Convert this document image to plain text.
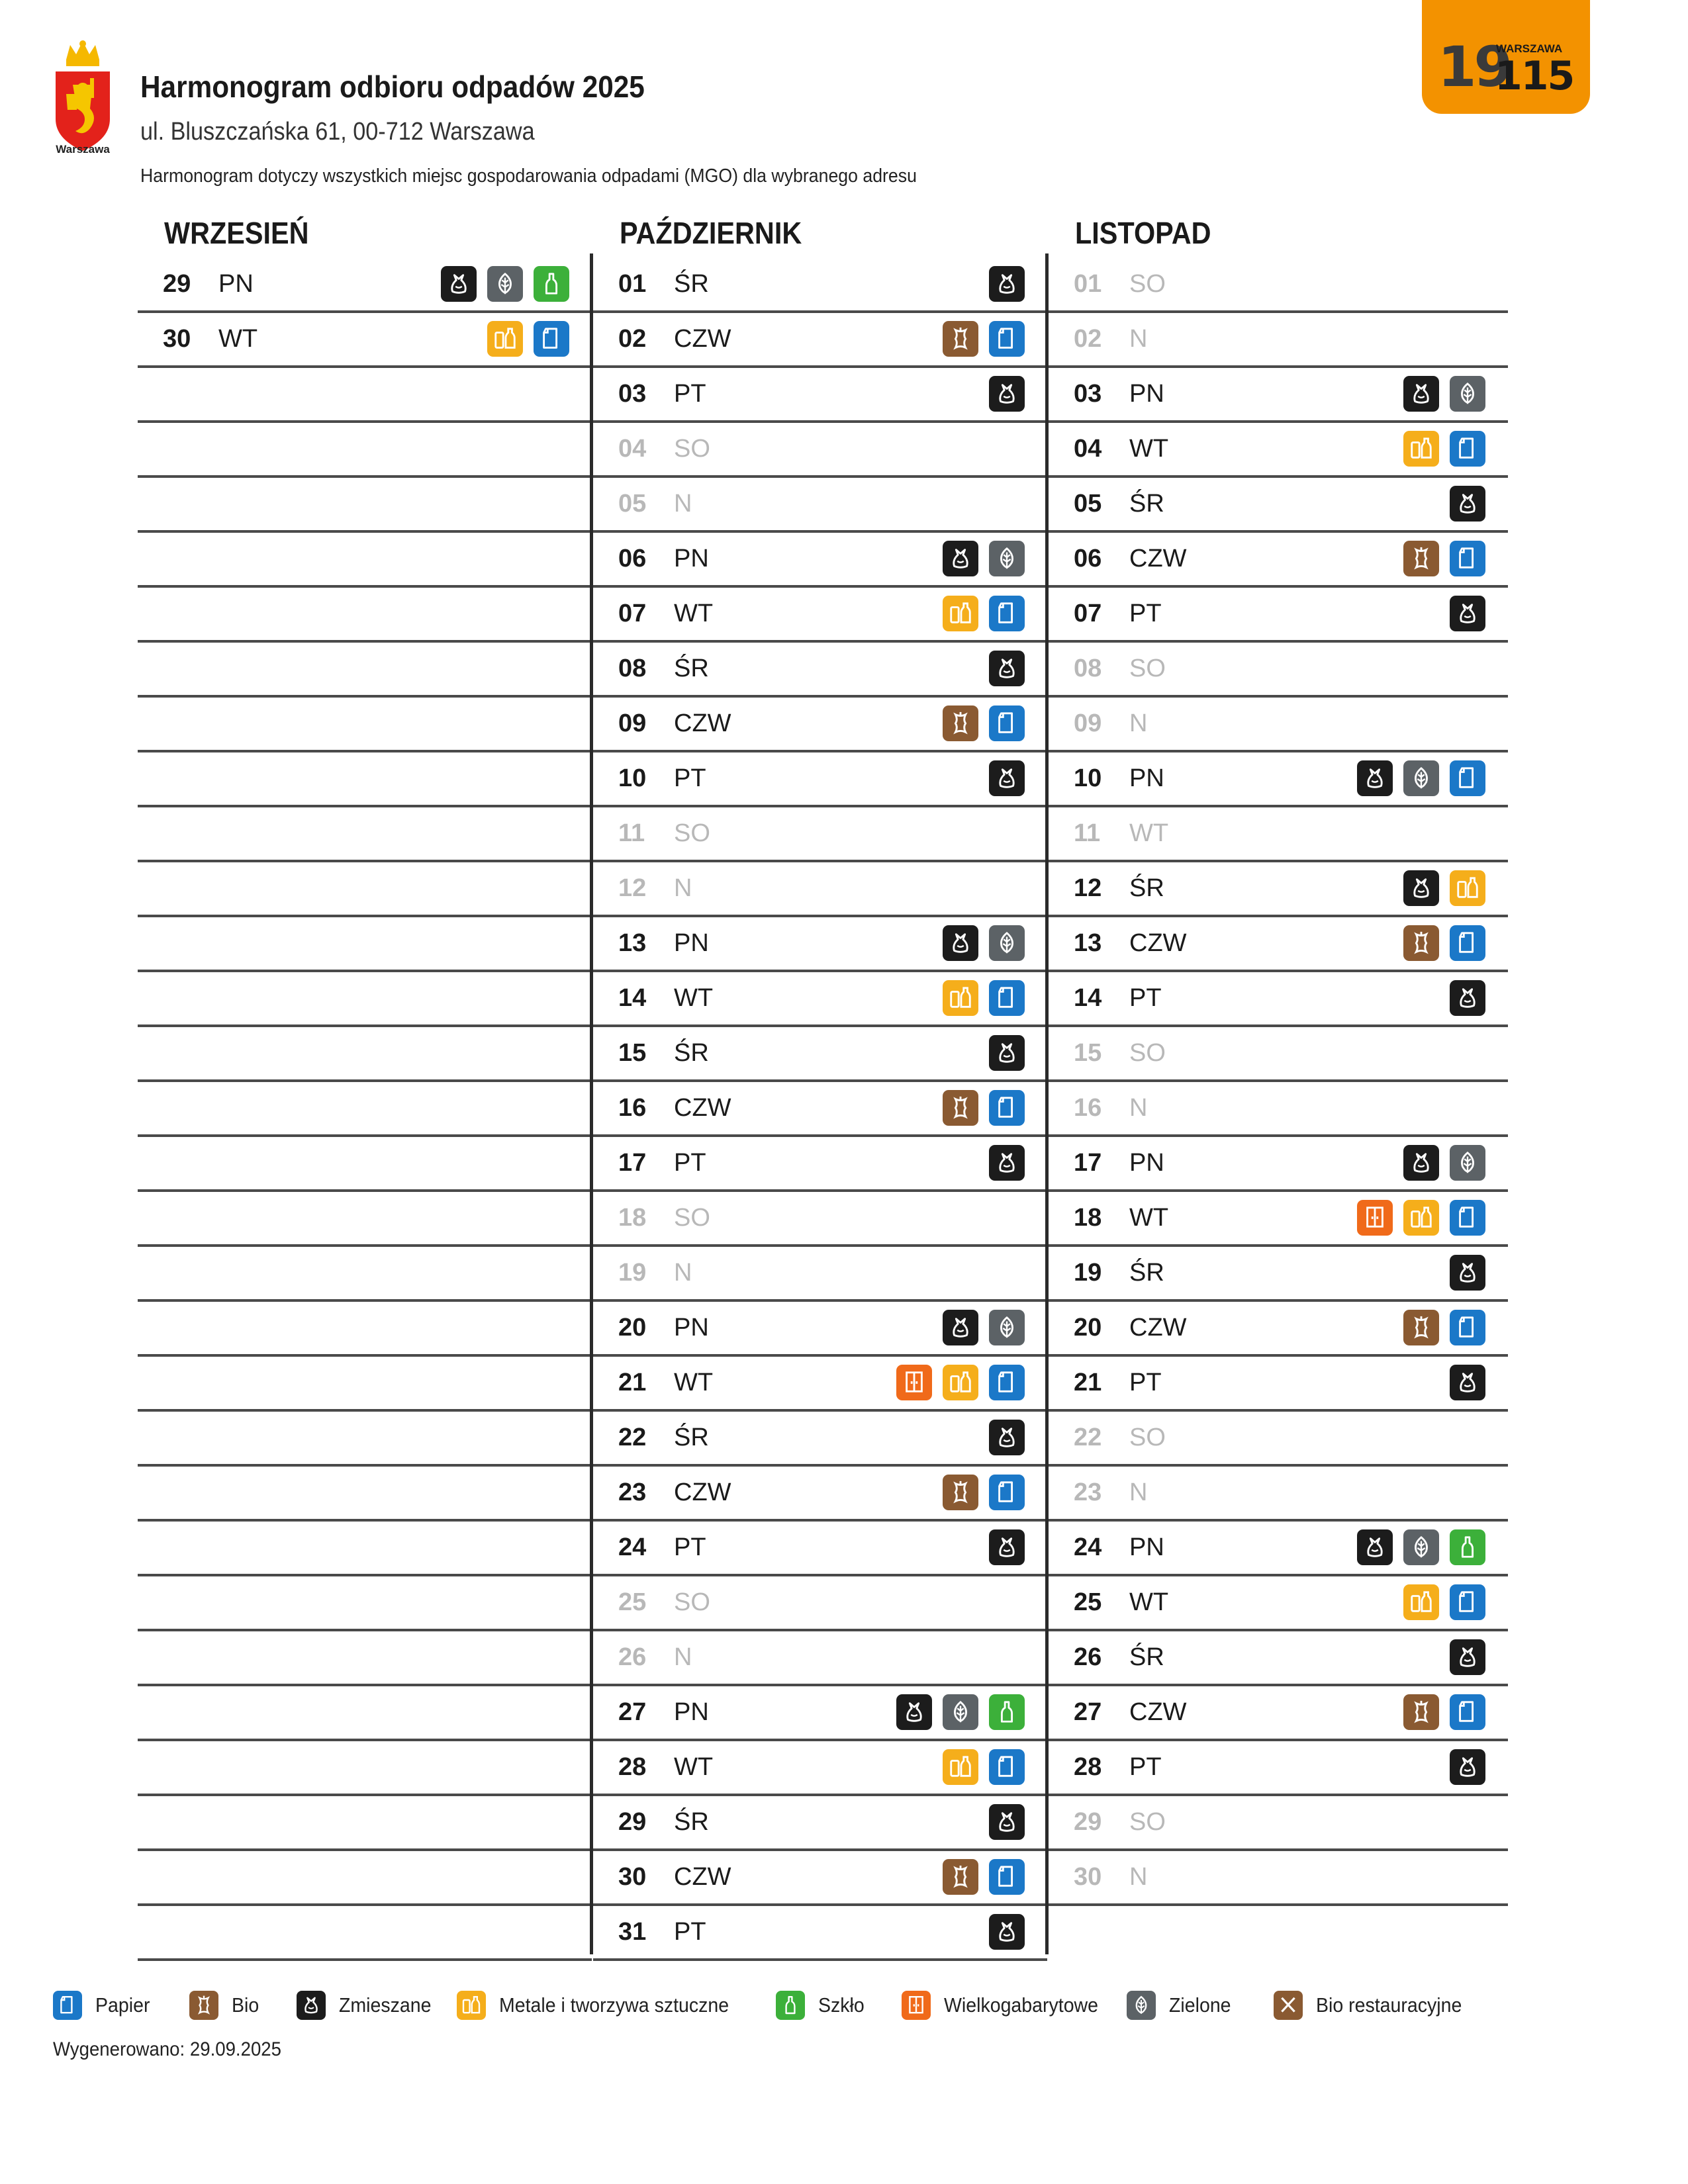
Warszawa
Harmonogram odbioru odpadów 2025
ul. Bluszczańska 61, 00-712 Warszawa
Harmonogram dotyczy wszystkich miejsc gospodarowania odpadami (MGO) dla wybranego adresu
19
WARSZAWA
115
WRZESIEŃ	PAŹDZIERNIK	LISTOPAD
29 PN
30 WT
01 ŚR
02 CZW
03 PT
04 SO
05 N
06 PN
07 WT
08 ŚR
09 CZW
10 PT
11 SO
12 N
13 PN
14 WT
15 ŚR
16 CZW
17 PT
18 SO
19 N
20 PN
21 WT
22 ŚR
23 CZW
24 PT
25 SO
26 N
27 PN
28 WT
29 ŚR
30 CZW
31 PT
01 SO
02 N
03 PN
04 WT
05 ŚR
06 CZW
07 PT
08 SO
09 N
10 PN
11 WT
12 ŚR
13 CZW
14 PT
15 SO
16 N
17 PN
18 WT
19 ŚR
20 CZW
21 PT
22 SO
23 N
24 PN
25 WT
26 ŚR
27 CZW
28 PT
29 SO
30 N
Papier	Bio	Zmieszane	Metale i tworzywa sztuczne	Szkło	Wielkogabarytowe	Zielone	Bio restauracyjne
Wygenerowano: 29.09.2025
